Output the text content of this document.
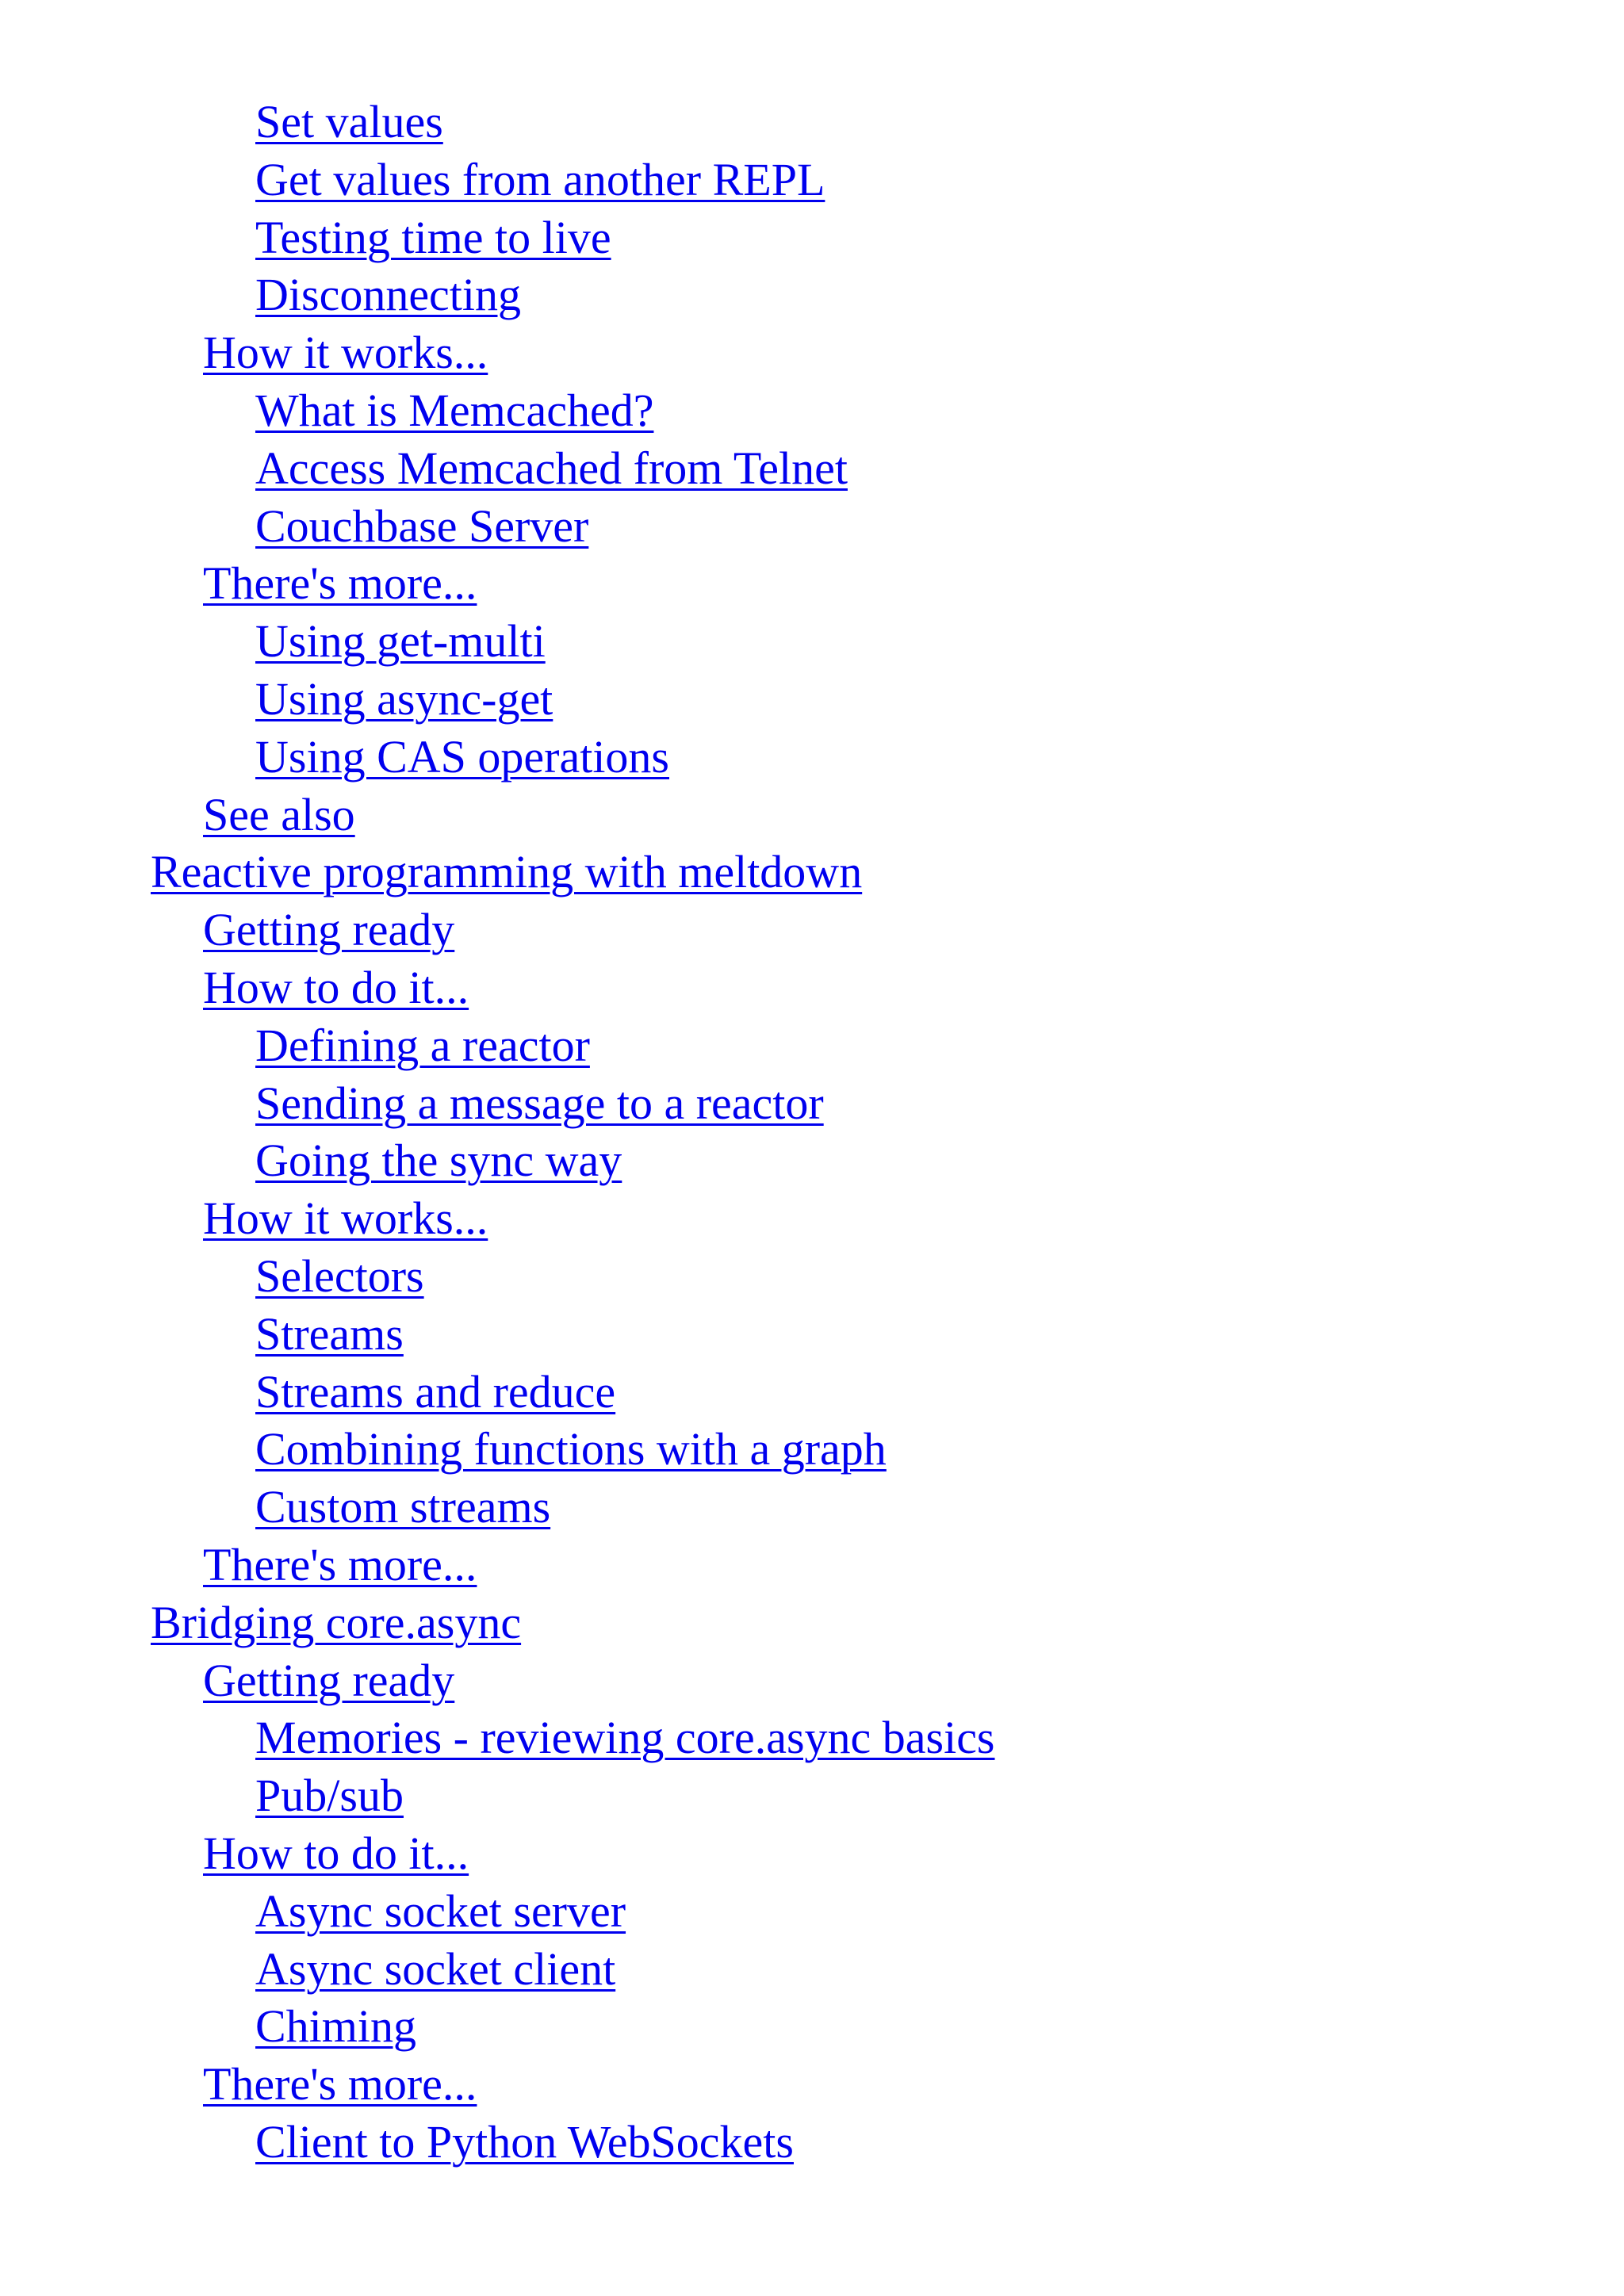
Set values
Get values from another REPL
Testing time to live
Disconnecting
How it works...
What is Memcached?
Access Memcached from Telnet
Couchbase Server
There's more...
Using get-multi
Using async-get
Using CAS operations
See also
Reactive programming with meltdown
Getting ready
How to do it...
Defining a reactor
Sending a message to a reactor
Going the sync way
How it works...
Selectors
Streams
Streams and reduce
Combining functions with a graph
Custom streams
There's more...
Bridging core.async
Getting ready
Memories - reviewing core.async basics
Pub/sub
How to do it...
Async socket server
Async socket client
Chiming
There's more...
Client to Python WebSockets
